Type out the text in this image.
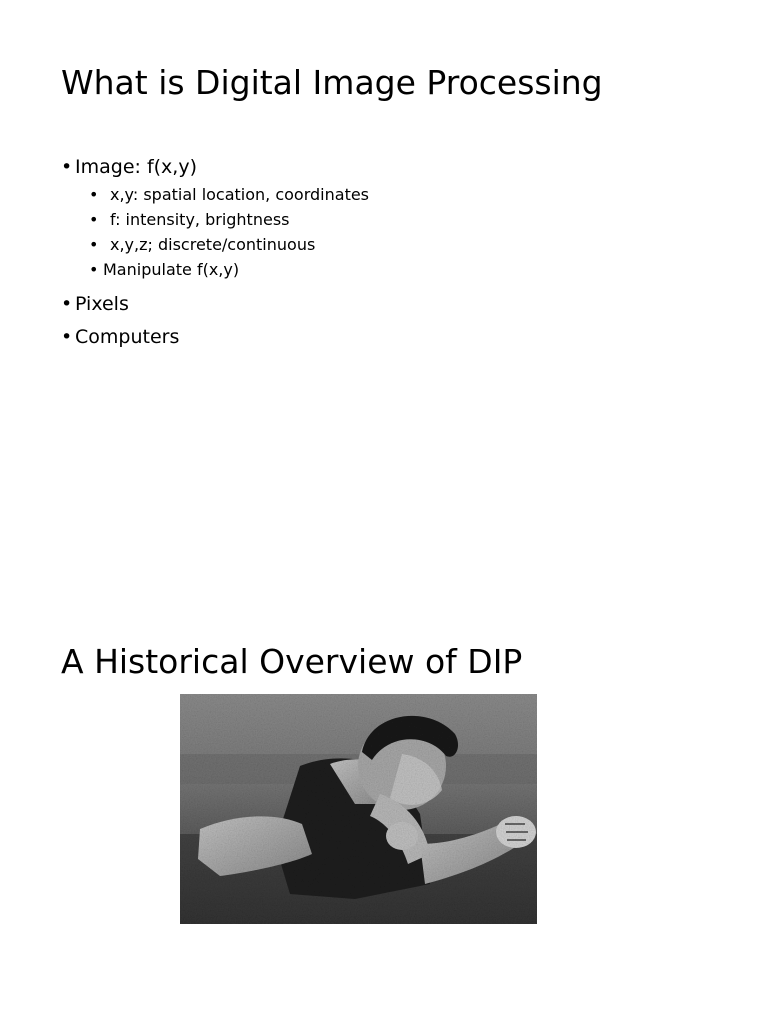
What is Digital Image Processing
• Image: f(x,y)
• x,y: spatial location, coordinates
• f: intensity, brightness
• x,y,z; discrete/continuous
• Manipulate f(x,y)
• Pixels
• Computers
A Historical Overview of DIP
